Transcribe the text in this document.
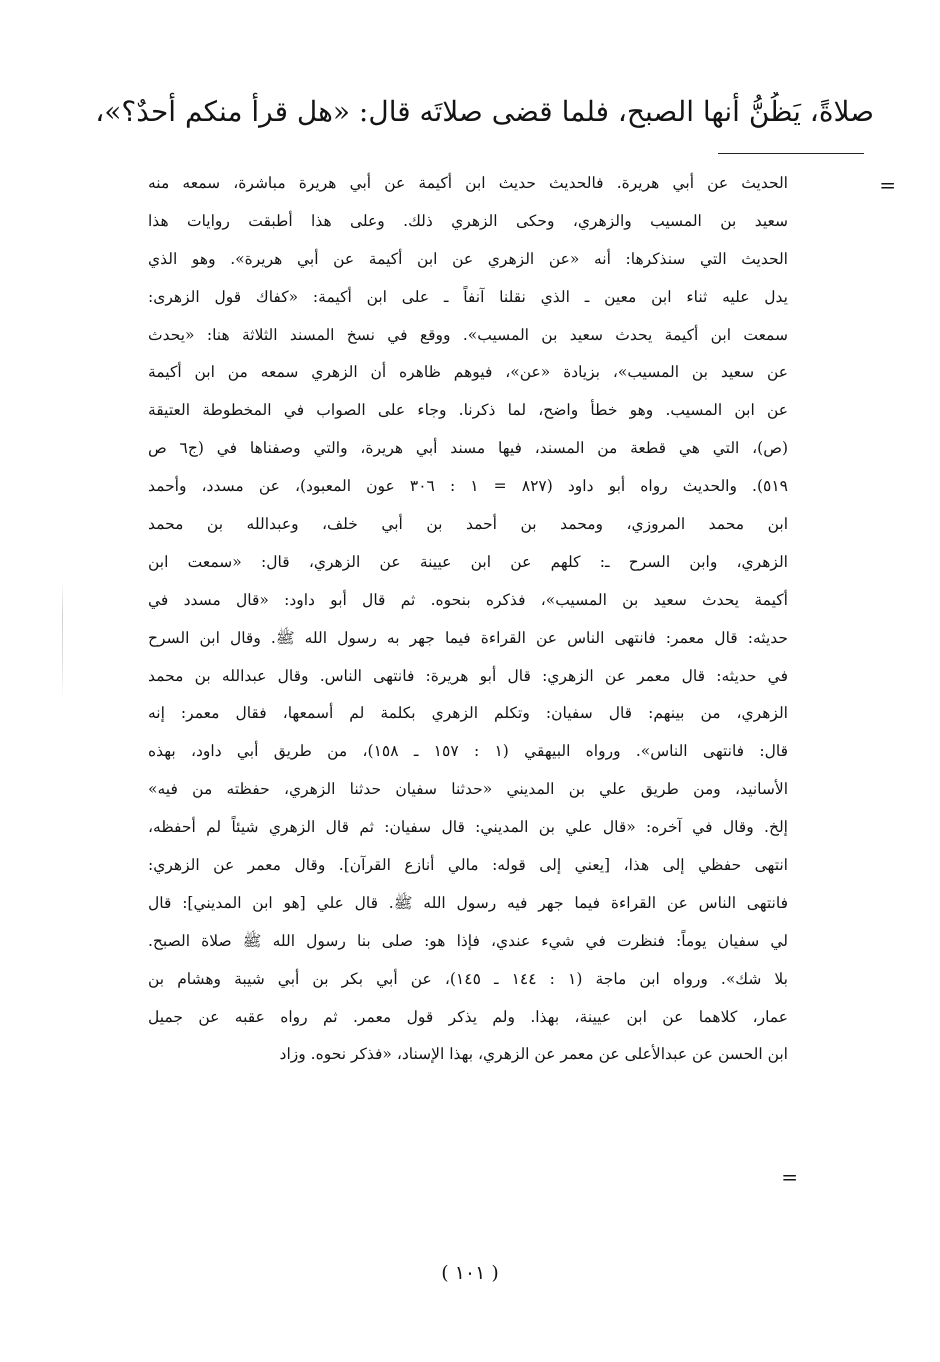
صلاةً، يَظُنُّ أنها الصبح، فلما قضى صلاتَه قال: «هل قرأ منكم أحدٌ؟»،
=
الحديث عن أبي هريرة. فالحديث حديث ابن أكيمة عن أبي هريرة مباشرة، سمعه منه
سعيد بن المسيب والزهري، وحكى الزهري ذلك. وعلى هذا أطبقت روايات هذا
الحديث التي سنذكرها: أنه «عن الزهري عن ابن أكيمة عن أبي هريرة». وهو الذي
يدل عليه ثناء ابن معين ـ الذي نقلنا آنفاً ـ على ابن أكيمة: «كفاك قول الزهرى:
سمعت ابن أكيمة يحدث سعيد بن المسيب». ووقع في نسخ المسند الثلاثة هنا: «يحدث
عن سعيد بن المسيب»، بزيادة «عن»، فيوهم ظاهره أن الزهري سمعه من ابن أكيمة
عن ابن المسيب. وهو خطأ واضح، لما ذكرنا. وجاء على الصواب في المخطوطة العتيقة
(ص)، التي هي قطعة من المسند، فيها مسند أبي هريرة، والتي وصفناها في (ج٦ ص
٥١٩). والحديث رواه أبو داود (٨٢٧ = ١ : ٣٠٦ عون المعبود)، عن مسدد، وأحمد
ابن محمد المروزي، ومحمد بن أحمد بن أبي خلف، وعبدالله بن محمد
الزهري، وابن السرح ـ: كلهم عن ابن عيينة عن الزهري، قال: «سمعت ابن
أكيمة يحدث سعيد بن المسيب»، فذكره بنحوه. ثم قال أبو داود: «قال مسدد في
حديثه: قال معمر: فانتهى الناس عن القراءة فيما جهر به رسول الله ﷺ. وقال ابن السرح
في حديثه: قال معمر عن الزهري: قال أبو هريرة: فانتهى الناس. وقال عبدالله بن محمد
الزهري، من بينهم: قال سفيان: وتكلم الزهري بكلمة لم أسمعها، فقال معمر: إنه
قال: فانتهى الناس». ورواه البيهقي (١ : ١٥٧ ـ ١٥٨)، من طريق أبي داود، بهذه
الأسانيد، ومن طريق علي بن المديني «حدثنا سفيان حدثنا الزهري، حفظته من فيه»
إلخ. وقال في آخره: «قال علي بن المديني: قال سفيان: ثم قال الزهري شيئاً لم أحفظه،
انتهى حفظي إلى هذا، [يعني إلى قوله: مالي أنازع القرآن]. وقال معمر عن الزهري:
فانتهى الناس عن القراءة فيما جهر فيه رسول الله ﷺ. قال علي [هو ابن المديني]: قال
لي سفيان يوماً: فنظرت في شيء عندي، فإذا هو: صلى بنا رسول الله ﷺ صلاة الصبح.
بلا شك». ورواه ابن ماجة (١ : ١٤٤ ـ ١٤٥)، عن أبي بكر بن أبي شيبة وهشام بن
عمار، كلاهما عن ابن عيينة، بهذا. ولم يذكر قول معمر. ثم رواه عقبه عن جميل
ابن الحسن عن عبدالأعلى عن معمر عن الزهري، بهذا الإسناد، «فذكر نحوه. وزاد
=
( ١٠١ )
